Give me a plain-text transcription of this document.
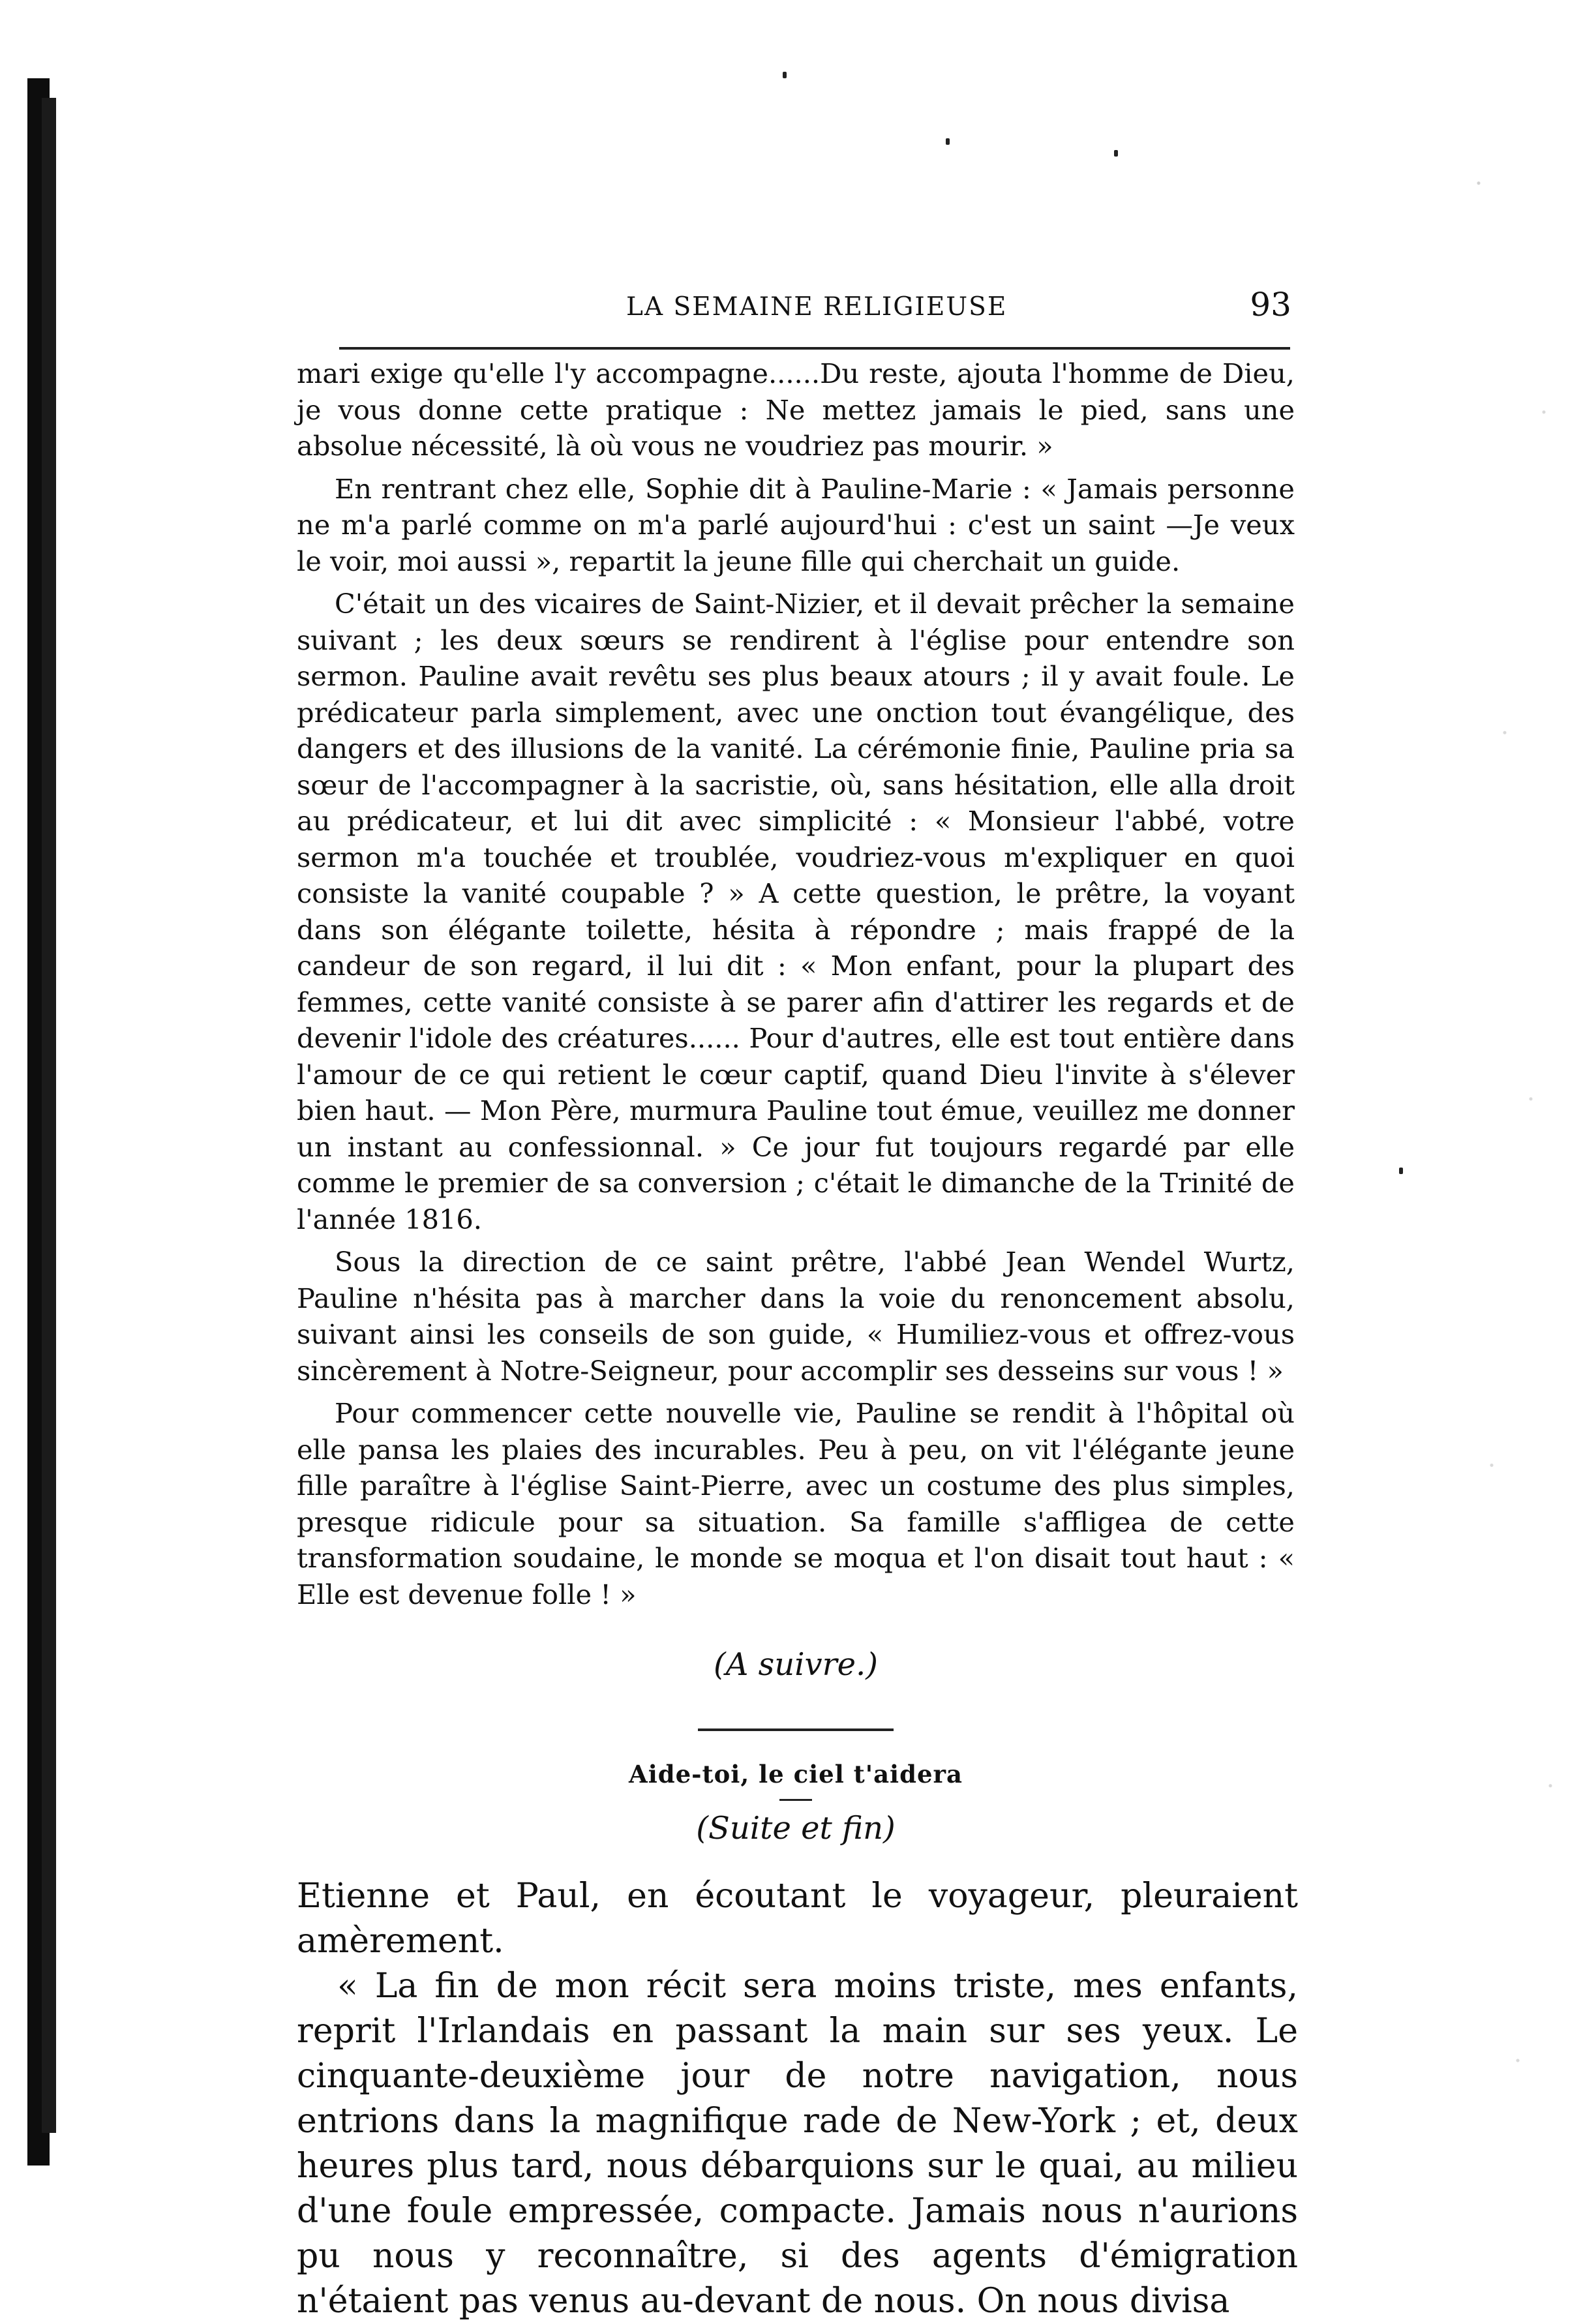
LA SEMAINE RELIGIEUSE	93

mari exige qu'elle l'y accompagne......Du reste, ajouta l'homme de Dieu, je vous donne cette pratique : Ne mettez jamais le pied, sans une absolue nécessité, là où vous ne voudriez pas mourir. »

En rentrant chez elle, Sophie dit à Pauline-Marie : « Jamais personne ne m'a parlé comme on m'a parlé aujourd'hui : c'est un saint —Je veux le voir, moi aussi », repartit la jeune fille qui cherchait un guide.

C'était un des vicaires de Saint-Nizier, et il devait prêcher la semaine suivant ; les deux sœurs se rendirent à l'église pour entendre son sermon. Pauline avait revêtu ses plus beaux atours ; il y avait foule. Le prédicateur parla simplement, avec une onction tout évangélique, des dangers et des illusions de la vanité. La cérémonie finie, Pauline pria sa sœur de l'accompagner à la sacristie, où, sans hésitation, elle alla droit au prédicateur, et lui dit avec simplicité : « Monsieur l'abbé, votre sermon m'a touchée et troublée, voudriez-vous m'expliquer en quoi consiste la vanité coupable ? » A cette question, le prêtre, la voyant dans son élégante toilette, hésita à répondre ; mais frappé de la candeur de son regard, il lui dit : « Mon enfant, pour la plupart des femmes, cette vanité consiste à se parer afin d'attirer les regards et de devenir l'idole des créatures...... Pour d'autres, elle est tout entière dans l'amour de ce qui retient le cœur captif, quand Dieu l'invite à s'élever bien haut. — Mon Père, murmura Pauline tout émue, veuillez me donner un instant au confessionnal. » Ce jour fut toujours regardé par elle comme le premier de sa conversion ; c'était le dimanche de la Trinité de l'année 1816.

Sous la direction de ce saint prêtre, l'abbé Jean Wendel Wurtz, Pauline n'hésita pas à marcher dans la voie du renoncement absolu, suivant ainsi les conseils de son guide, « Humiliez-vous et offrez-vous sincèrement à Notre-Seigneur, pour accomplir ses desseins sur vous ! »

Pour commencer cette nouvelle vie, Pauline se rendit à l'hôpital où elle pansa les plaies des incurables. Peu à peu, on vit l'élégante jeune fille paraître à l'église Saint-Pierre, avec un costume des plus simples, presque ridicule pour sa situation. Sa famille s'affligea de cette transformation soudaine, le monde se moqua et l'on disait tout haut : « Elle est devenue folle ! »

(A suivre.)
Aide-toi, le ciel t'aidera
(Suite et fin)

Etienne et Paul, en écoutant le voyageur, pleuraient amèrement.

« La fin de mon récit sera moins triste, mes enfants, reprit l'Irlandais en passant la main sur ses yeux. Le cinquante-deuxième jour de notre navigation, nous entrions dans la magnifique rade de New-York ; et, deux heures plus tard, nous débarquions sur le quai, au milieu d'une foule empressée, compacte. Jamais nous n'aurions pu nous y reconnaître, si des agents d'émigration n'étaient pas venus au-devant de nous. On nous divisa
